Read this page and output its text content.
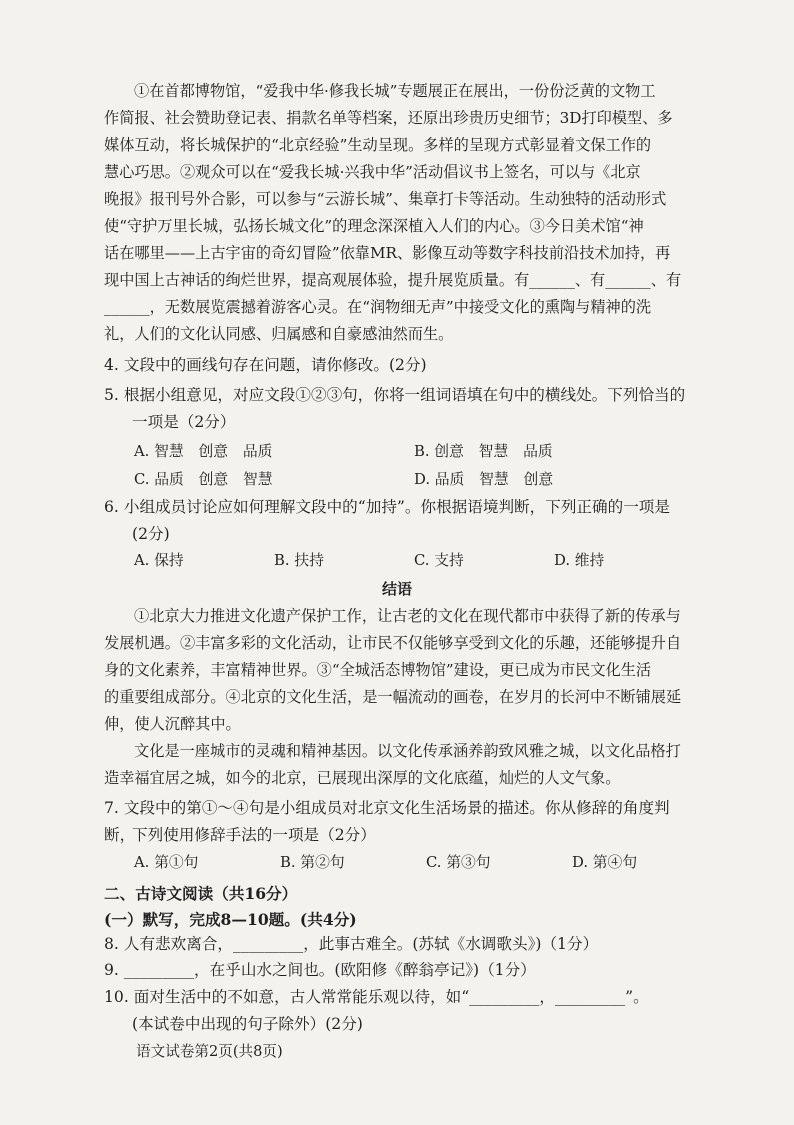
①在首都博物馆，“爱我中华·修我长城”专题展正在展出，一份份泛黄的文物工

作简报、社会赞助登记表、捐款名单等档案，还原出珍贵历史细节；3D打印模型、多

媒体互动，将长城保护的“北京经验”生动呈现。多样的呈现方式彰显着文保工作的

慧心巧思。②观众可以在“爱我长城·兴我中华”活动倡议书上签名，可以与《北京

晚报》报刊号外合影，可以参与“云游长城”、集章打卡等活动。生动独特的活动形式

使“守护万里长城，弘扬长城文化”的理念深深植入人们的内心。③今日美术馆“神

话在哪里——上古宇宙的奇幻冒险”依靠MR、影像互动等数字科技前沿技术加持，再

现中国上古神话的绚烂世界，提高观展体验，提升展览质量。有______、有______、有

______，无数展览震撼着游客心灵。在“润物细无声”中接受文化的熏陶与精神的洗

礼，人们的文化认同感、归属感和自豪感油然而生。

4. 文段中的画线句存在问题，请你修改。(2分)

5. 根据小组意见，对应文段①②③句，你将一组词语填在句中的横线处。下列恰当的

一项是（2分）

A. 智慧　创意　品质	B. 创意　智慧　品质
C. 品质　创意　智慧	D. 品质　智慧　创意

6. 小组成员讨论应如何理解文段中的“加持”。你根据语境判断，下列正确的一项是

(2分)

A. 保持	B. 扶持	C. 支持	D. 维持

结语

①北京大力推进文化遗产保护工作，让古老的文化在现代都市中获得了新的传承与

发展机遇。②丰富多彩的文化活动，让市民不仅能够享受到文化的乐趣，还能够提升自

身的文化素养，丰富精神世界。③“全城活态博物馆”建设，更已成为市民文化生活

的重要组成部分。④北京的文化生活，是一幅流动的画卷，在岁月的长河中不断铺展延

伸，使人沉醉其中。

文化是一座城市的灵魂和精神基因。以文化传承涵养韵致风雅之城，以文化品格打

造幸福宜居之城，如今的北京，已展现出深厚的文化底蕴，灿烂的人文气象。

7. 文段中的第①～④句是小组成员对北京文化生活场景的描述。你从修辞的角度判断，

下列使用修辞手法的一项是（2分）

A. 第①句	B. 第②句	C. 第③句	D. 第④句

二、古诗文阅读（共16分）

(一）默写，完成8—10题。(共4分)

8. 人有悲欢离合，_________，此事古难全。(苏轼《水调歌头》)（1分）

9. _________，在乎山水之间也。(欧阳修《醉翁亭记》)（1分）

10. 面对生活中的不如意，古人常常能乐观以待，如“_________，_________”。

(本试卷中出现的句子除外）(2分)

语文试卷第2页(共8页)
